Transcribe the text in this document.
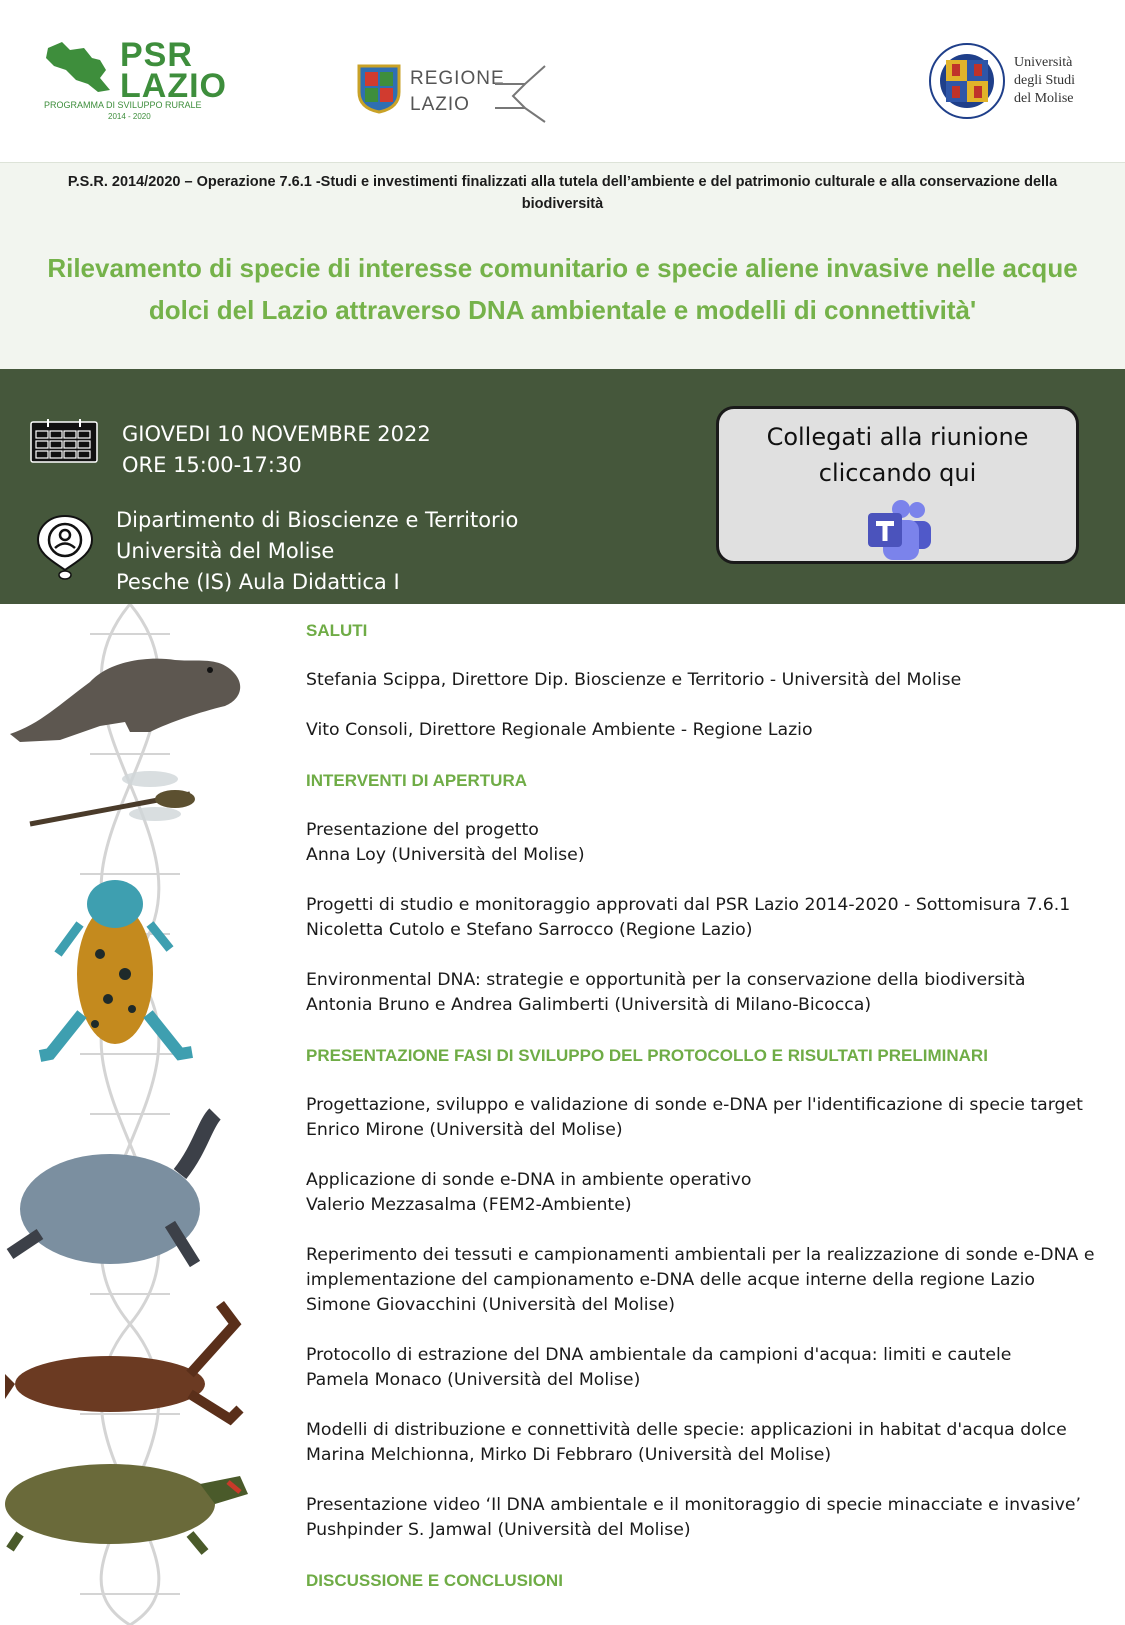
PSR
LAZIO
PROGRAMMA DI SVILUPPO RURALE
2014 - 2020
REGIONE
LAZIO
Università
degli Studi
del Molise
P.S.R. 2014/2020 – Operazione 7.6.1 -Studi e investimenti finalizzati alla tutela dell’ambiente e del patrimonio culturale e alla conservazione della biodiversità
Rilevamento di specie di interesse comunitario e specie aliene invasive nelle acque dolci del Lazio attraverso DNA ambientale e modelli di connettività'
GIOVEDI 10 NOVEMBRE 2022
ORE 15:00-17:30
Dipartimento di Bioscienze e Territorio
Università del Molise
Pesche (IS) Aula Didattica I
Collegati alla riunione
cliccando qui
SALUTI
Stefania Scippa, Direttore Dip. Bioscienze e Territorio - Università del Molise
Vito Consoli, Direttore Regionale Ambiente - Regione Lazio
INTERVENTI DI APERTURA
Presentazione del progetto
Anna Loy (Università del Molise)
Progetti di studio e monitoraggio approvati dal PSR Lazio 2014-2020 - Sottomisura 7.6.1
Nicoletta Cutolo e Stefano Sarrocco (Regione Lazio)
Environmental DNA: strategie e opportunità per la conservazione della biodiversità
Antonia Bruno e Andrea Galimberti (Università di Milano-Bicocca)
PRESENTAZIONE FASI DI SVILUPPO DEL PROTOCOLLO E RISULTATI PRELIMINARI
Progettazione, sviluppo e validazione di sonde e-DNA per l'identificazione di specie target
Enrico Mirone (Università del Molise)
Applicazione di sonde e-DNA in ambiente operativo
Valerio Mezzasalma (FEM2-Ambiente)
Reperimento dei tessuti e campionamenti ambientali per la realizzazione di sonde e-DNA e
implementazione del campionamento e-DNA delle acque interne della regione Lazio
Simone Giovacchini (Università del Molise)
Protocollo di estrazione del DNA ambientale da campioni d'acqua: limiti e cautele
Pamela Monaco (Università del Molise)
Modelli di distribuzione e connettività delle specie: applicazioni in habitat d'acqua dolce
Marina Melchionna, Mirko Di Febbraro (Università del Molise)
Presentazione video ‘Il DNA ambientale e il monitoraggio di specie minacciate e invasive’
Pushpinder S. Jamwal (Università del Molise)
DISCUSSIONE E CONCLUSIONI
